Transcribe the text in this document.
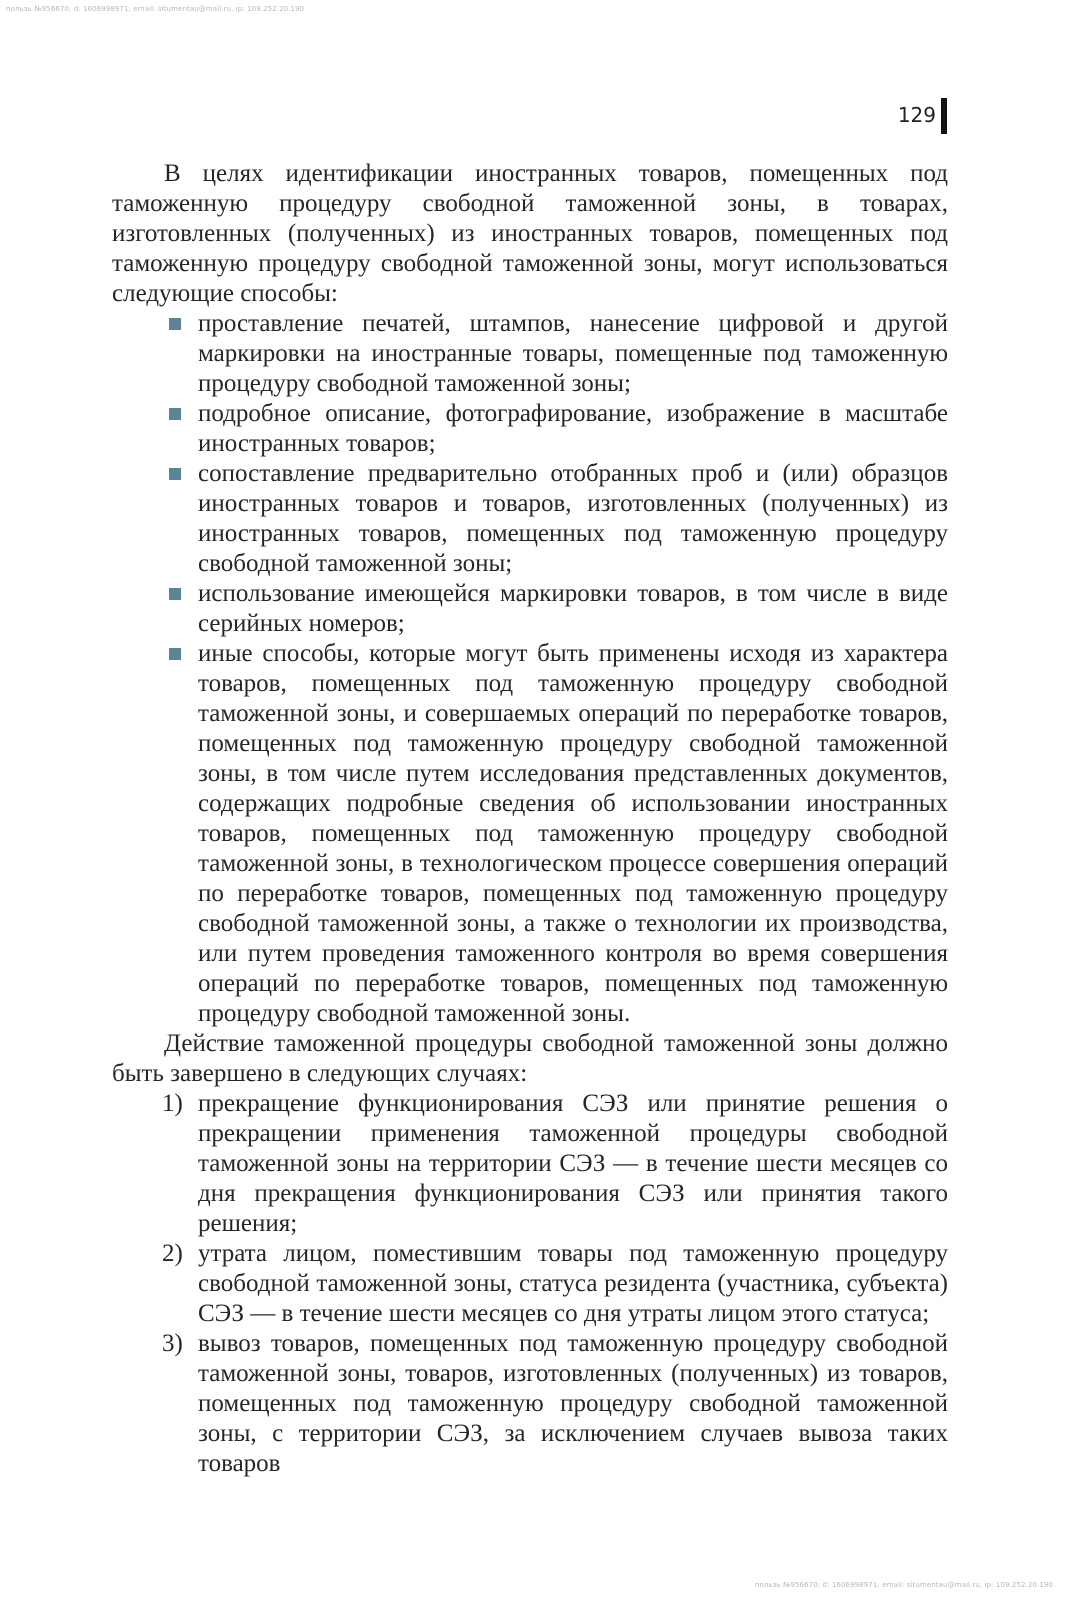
пользь №956670; d: 1606998971; email: situmentau@mail.ru, ip: 109.252.20.190
129

В целях идентификации иностранных товаров, помещенных под таможенную процедуру свободной таможенной зоны, в товарах, изготовленных (полученных) из иностранных товаров, помещенных под таможенную процедуру свободной таможенной зоны, могут использоваться следующие способы:

проставление печатей, штампов, нанесение цифровой и другой маркировки на иностранные товары, помещенные под таможенную процедуру свободной таможенной зоны;
подробное описание, фотографирование, изображение в масштабе иностранных товаров;
сопоставление предварительно отобранных проб и (или) образцов иностранных товаров и товаров, изготовленных (полученных) из иностранных товаров, помещенных под таможенную процедуру свободной таможенной зоны;
использование имеющейся маркировки товаров, в том числе в виде серийных номеров;
иные способы, которые могут быть применены исходя из характера товаров, помещенных под таможенную процедуру свободной таможенной зоны, и совершаемых операций по переработке товаров, помещенных под таможенную процедуру свободной таможенной зоны, в том числе путем исследования представленных документов, содержащих подробные сведения об использовании иностранных товаров, помещенных под таможенную процедуру свободной таможенной зоны, в технологическом процессе совершения операций по переработке товаров, помещенных под таможенную процедуру свободной таможенной зоны, а также о технологии их производства, или путем проведения таможенного контроля во время совершения операций по переработке товаров, помещенных под таможенную процедуру свободной таможенной зоны.

Действие таможенной процедуры свободной таможенной зоны должно быть завершено в следующих случаях:

1) прекращение функционирования СЭЗ или принятие решения о прекращении применения таможенной процедуры свободной таможенной зоны на территории СЭЗ — в течение шести месяцев со дня прекращения функционирования СЭЗ или принятия такого решения;
2) утрата лицом, поместившим товары под таможенную процедуру свободной таможенной зоны, статуса резидента (участника, субъекта) СЭЗ — в течение шести месяцев со дня утраты лицом этого статуса;
3) вывоз товаров, помещенных под таможенную процедуру свободной таможенной зоны, товаров, изготовленных (полученных) из товаров, помещенных под таможенную процедуру свободной таможенной зоны, с территории СЭЗ, за исключением случаев вывоза таких товаров
пользь №956670; d: 1606998971; email: situmentau@mail.ru, ip: 109.252.20.190
